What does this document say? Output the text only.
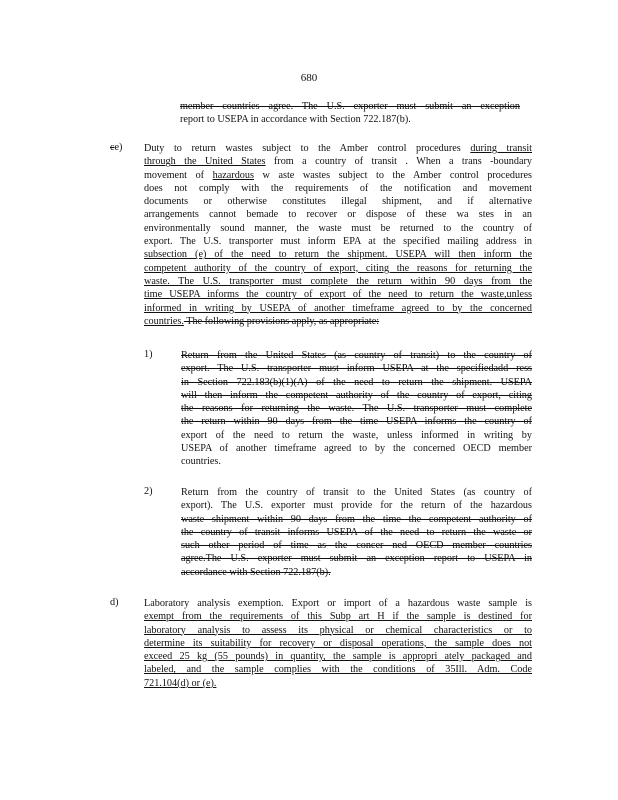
680
member countries agree. The U.S. exporter must submit an exception
report to USEPA in accordance with Section 722.187(b).
ce) Duty to return wastes subject to the Amber control procedures during transit
through the United States from a country of transit . When a trans -boundary
movement of hazardous w aste wastes subject to the Amber control procedures
does not comply with the requirements of the notification and movement
documents or otherwise constitutes illegal shipment, and if alternative
arrangements cannot bemade to recover or dispose of these wa stes in an
environmentally sound manner, the waste must be returned to the country of
export. The U.S. transporter must inform EPA at the specified mailing address in
subsection (e) of the need to return the shipment. USEPA will then inform the
competent authority of the country of export, citing the reasons for returning the
waste. The U.S. transporter must complete the return within 90 days from the
time USEPA informs the country of export of the need to return the waste,unless
informed in writing by USEPA of another timeframe agreed to by the concerned
countries. The following provisions apply, as appropriate:
1)	Return from the United States (as country of transit) to the country of
export. The U.S. transporter must inform USEPA at the specifiedadd ress
in Section 722.183(b)(1)(A) of the need to return the shipment. USEPA
will then inform the competent authority of the country of export, citing
the reasons for returning the waste. The U.S. transporter must complete
the return within 90 days from the time USEPA informs the country of
export of the need to return the waste, unless informed in writing by
USEPA of another timeframe agreed to by the concerned OECD member
countries.
2)	Return from the country of transit to the United States (as country of
export). The U.S. exporter must provide for the return of the hazardous
waste shipment within 90 days from the time the competent authority of
the country of transit informs USEPA of the need to return the waste or
such other period of time as the concer ned OECD member countries
agree.The U.S. exporter must submit an exception report to USEPA in
accordance with Section 722.187(b).
d)	Laboratory analysis exemption. Export or import of a hazardous waste sample is
exempt from the requirements of this Subp art H if the sample is destined for
laboratory analysis to assess its physical or chemical characteristics or to
determine its suitability for recovery or disposal operations, the sample does not
exceed 25 kg (55 pounds) in quantity, the sample is appropri ately packaged and
labeled, and the sample complies with the conditions of 35Ill. Adm. Code
721.104(d) or (e).
